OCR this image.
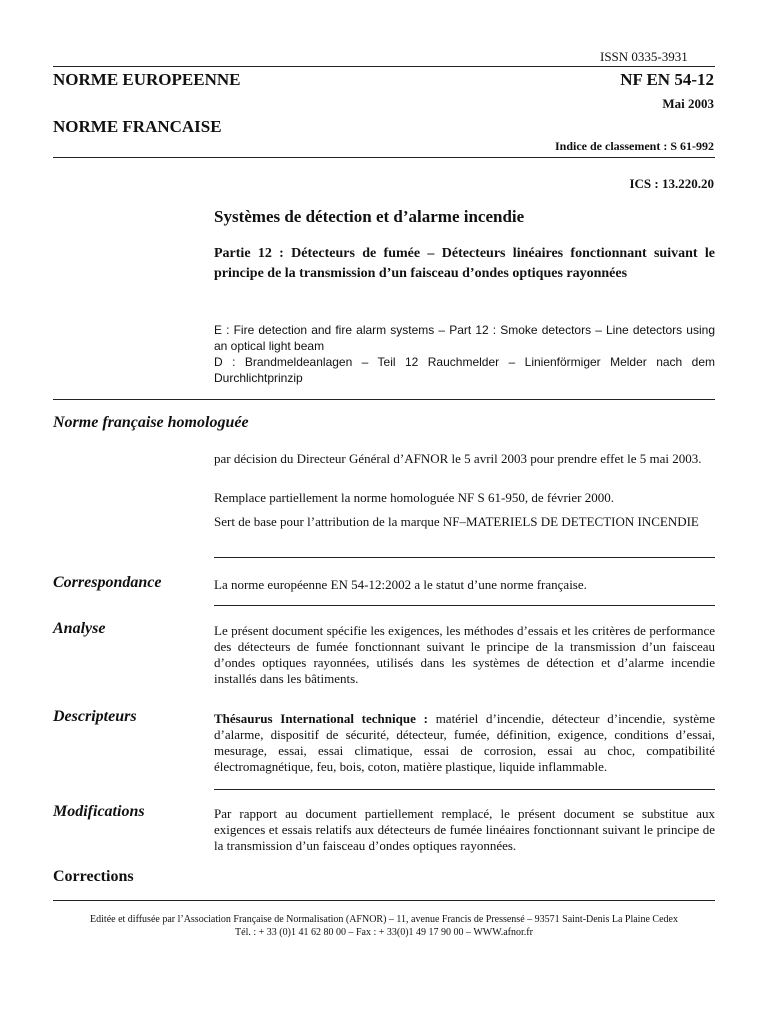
ISSN 0335-3931
NORME EUROPEENNE	NF EN 54-12
Mai 2003
NORME FRANCAISE
Indice de classement : S 61-992
ICS : 13.220.20
Systèmes de détection et d’alarme incendie
Partie 12 : Détecteurs de fumée – Détecteurs linéaires fonctionnant suivant le principe de la transmission d’un faisceau d’ondes optiques rayonnées
E : Fire detection and fire alarm systems – Part 12 : Smoke detectors – Line detectors using an optical light beam
D : Brandmeldeanlagen – Teil 12 Rauchmelder – Linienförmiger Melder nach dem Durchlichtprinzip
Norme française homologuée
par décision du Directeur Général d’AFNOR le 5 avril 2003 pour prendre effet le 5 mai 2003.
Remplace partiellement la norme homologuée NF S 61-950, de février 2000.
Sert de base pour l’attribution de la marque NF–MATERIELS DE DETECTION INCENDIE
Correspondance	La norme européenne EN 54-12:2002 a le statut d’une norme française.
Analyse	Le présent document spécifie les exigences, les méthodes d’essais et les critères de performance des détecteurs de fumée fonctionnant suivant le principe de la transmission d’un faisceau d’ondes optiques rayonnées, utilisés dans les systèmes de détection et d’alarme incendie installés dans les bâtiments.
Descripteurs	Thésaurus International technique : matériel d’incendie, détecteur d’incendie, système d’alarme, dispositif de sécurité, détecteur, fumée, définition, exigence, conditions d’essai, mesurage, essai, essai climatique, essai de corrosion, essai au choc, compatibilité électromagnétique, feu, bois, coton, matière plastique, liquide inflammable.
Modifications	Par rapport au document partiellement remplacé, le présent document se substitue aux exigences et essais relatifs aux détecteurs de fumée linéaires fonctionnant suivant le principe de la transmission d’un faisceau d’ondes optiques rayonnées.
Corrections
Editée et diffusée par l’Association Française de Normalisation (AFNOR) – 11, avenue Francis de Pressensé – 93571 Saint-Denis La Plaine Cedex
Tél. : + 33 (0)1 41 62 80 00 – Fax : + 33(0)1 49 17 90 00 – WWW.afnor.fr
